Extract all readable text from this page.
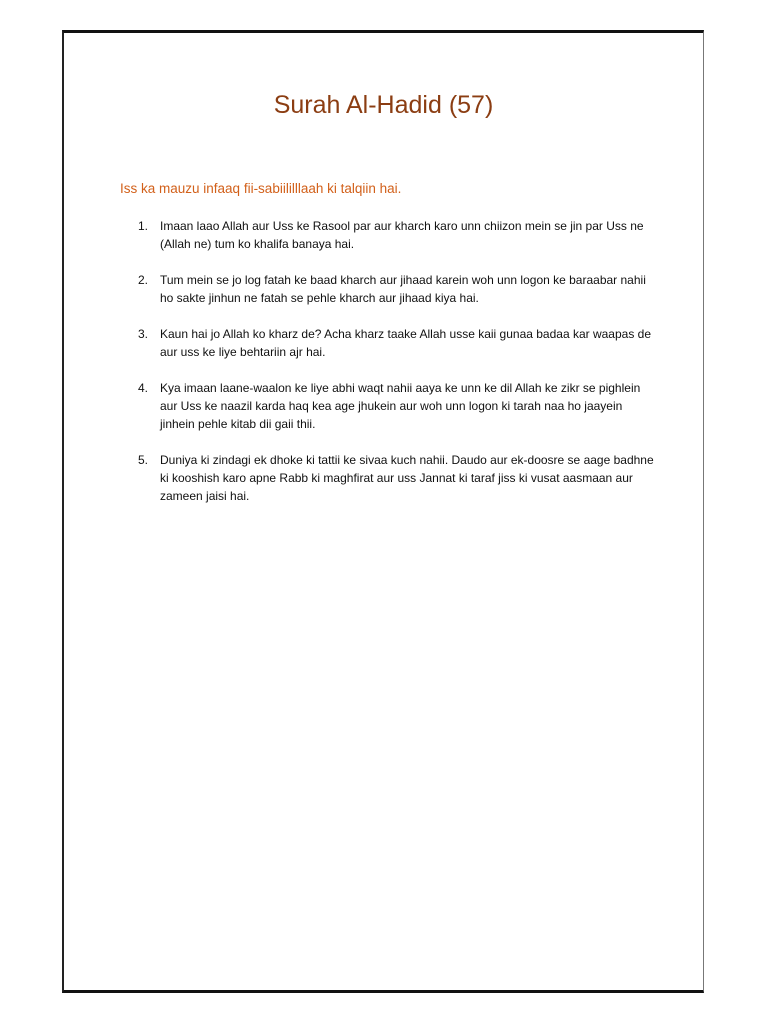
Surah Al-Hadid (57)

Iss ka mauzu infaaq fii-sabiililllaah ki talqiin hai.

1. Imaan laao Allah aur Uss ke Rasool par aur kharch karo unn chiizon mein se jin par Uss ne (Allah ne) tum ko khalifa banaya hai.
2. Tum mein se jo log fatah ke baad kharch aur jihaad karein woh unn logon ke baraabar nahii ho sakte jinhun ne fatah se pehle kharch aur jihaad kiya hai.
3. Kaun hai jo Allah ko kharz de? Acha kharz taake Allah usse kaii gunaa badaa kar waapas de aur uss ke liye behtariin ajr hai.
4. Kya imaan laane-waalon ke liye abhi waqt nahii aaya ke unn ke dil Allah ke zikr se pighlein aur Uss ke naazil karda haq kea age jhukein aur woh unn logon ki tarah naa ho jaayein jinhein pehle kitab dii gaii thii.
5. Duniya ki zindagi ek dhoke ki tattii ke sivaa kuch nahii. Daudo aur ek-doosre se aage badhne ki kooshish karo apne Rabb ki maghfirat aur uss Jannat ki taraf jiss ki vusat aasmaan aur zameen jaisi hai.
